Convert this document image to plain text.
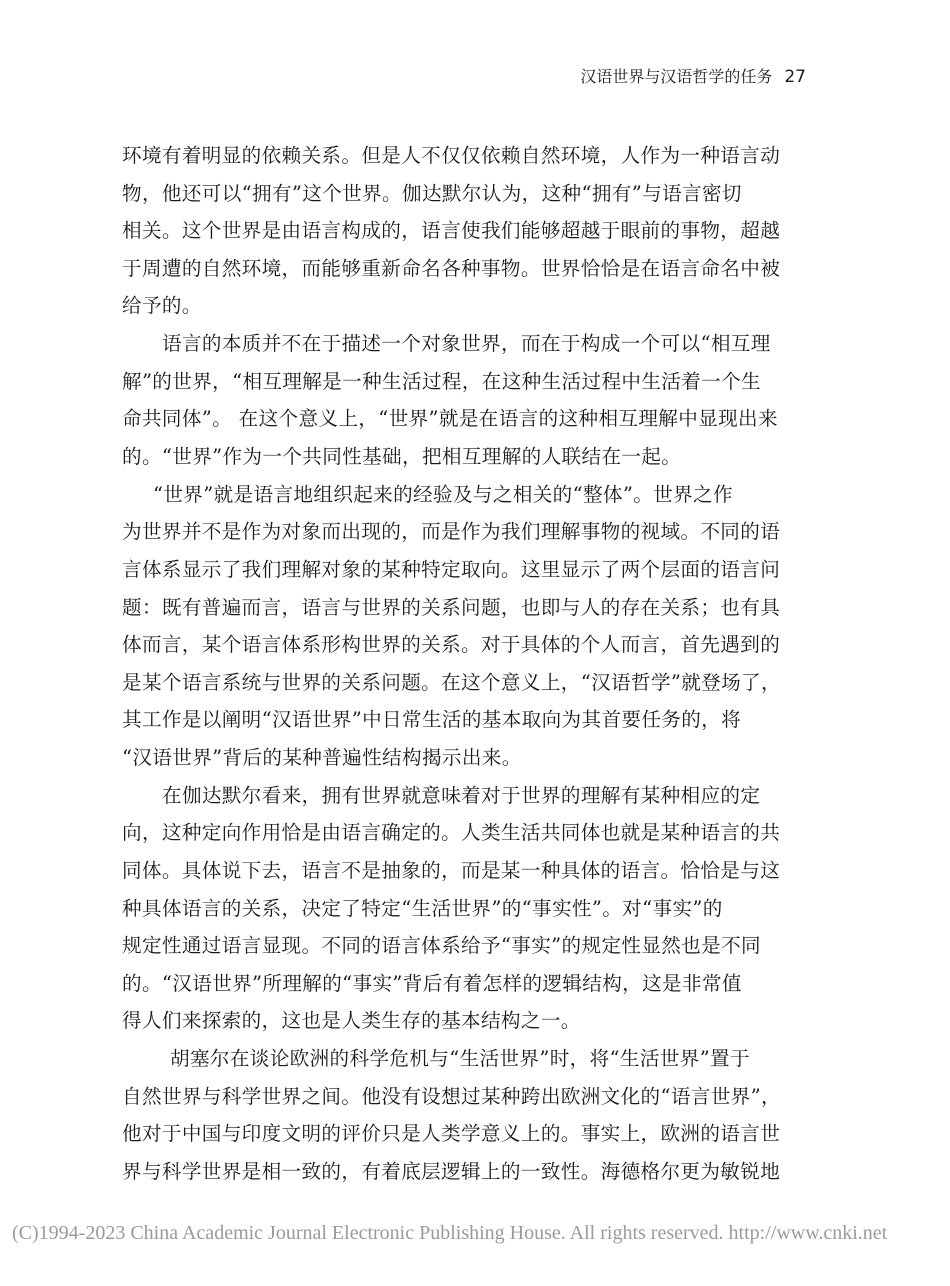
汉语世界与汉语哲学的任务 27
环境有着明显的依赖关系。但是人不仅仅依赖自然环境，人作为一种语言动
物，他还可以“拥有”这个世界。伽达默尔认为，这种“拥有”与语言密切
相关。这个世界是由语言构成的，语言使我们能够超越于眼前的事物，超越
于周遭的自然环境，而能够重新命名各种事物。世界恰恰是在语言命名中被
给予的。
语言的本质并不在于描述一个对象世界，而在于构成一个可以“相互理
解”的世界，“相互理解是一种生活过程，在这种生活过程中生活着一个生
命共同体”。 在这个意义上，“世界”就是在语言的这种相互理解中显现出来
的。“世界”作为一个共同性基础，把相互理解的人联结在一起。
“世界”就是语言地组织起来的经验及与之相关的“整体”。世界之作
为世界并不是作为对象而出现的，而是作为我们理解事物的视域。不同的语
言体系显示了我们理解对象的某种特定取向。这里显示了两个层面的语言问
题：既有普遍而言，语言与世界的关系问题，也即与人的存在关系；也有具
体而言，某个语言体系形构世界的关系。对于具体的个人而言，首先遇到的
是某个语言系统与世界的关系问题。在这个意义上，“汉语哲学”就登场了，
其工作是以阐明“汉语世界”中日常生活的基本取向为其首要任务的，将
“汉语世界”背后的某种普遍性结构揭示出来。
在伽达默尔看来，拥有世界就意味着对于世界的理解有某种相应的定
向，这种定向作用恰是由语言确定的。人类生活共同体也就是某种语言的共
同体。具体说下去，语言不是抽象的，而是某一种具体的语言。恰恰是与这
种具体语言的关系，决定了特定“生活世界”的“事实性”。对“事实”的
规定性通过语言显现。不同的语言体系给予“事实”的规定性显然也是不同
的。“汉语世界”所理解的“事实”背后有着怎样的逻辑结构，这是非常值
得人们来探索的，这也是人类生存的基本结构之一。
胡塞尔在谈论欧洲的科学危机与“生活世界”时，将“生活世界”置于
自然世界与科学世界之间。他没有设想过某种跨出欧洲文化的“语言世界”，
他对于中国与印度文明的评价只是人类学意义上的。事实上，欧洲的语言世
界与科学世界是相一致的，有着底层逻辑上的一致性。海德格尔更为敏锐地
(C)1994-2023 China Academic Journal Electronic Publishing House. All rights reserved. http://www.cnki.net
